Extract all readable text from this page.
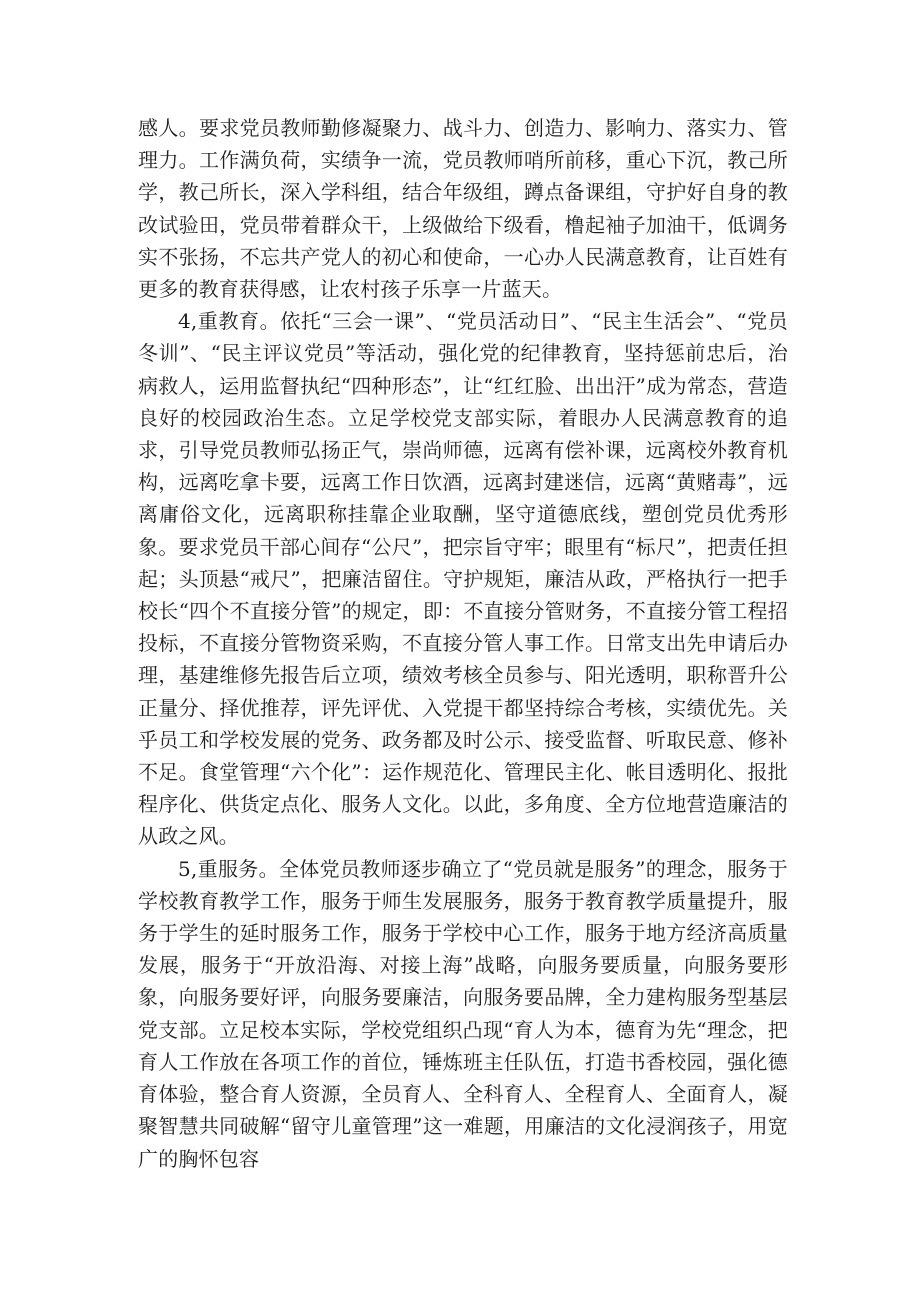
感人。要求党员教师勤修凝聚力、战斗力、创造力、影响力、落实力、管理力。工作满负荷，实绩争一流，党员教师哨所前移，重心下沉，教己所学，教己所长，深入学科组，结合年级组，蹲点备课组，守护好自身的教改试验田，党员带着群众干，上级做给下级看，橹起袖子加油干，低调务实不张扬，不忘共产党人的初心和使命，一心办人民满意教育，让百姓有更多的教育获得感，让农村孩子乐享一片蓝天。

4,重教育。依托“三会一课”、“党员活动日”、“民主生活会”、“党员冬训”、“民主评议党员”等活动，强化党的纪律教育，坚持惩前忠后，治病救人，运用监督执纪“四种形态”，让“红红脸、出出汗”成为常态，营造良好的校园政治生态。立足学校党支部实际，着眼办人民满意教育的追求，引导党员教师弘扬正气，崇尚师德，远离有偿补课，远离校外教育机构，远离吃拿卡要，远离工作日饮酒，远离封建迷信，远离“黄赌毒”，远离庸俗文化，远离职称挂靠企业取酬，坚守道德底线，塑创党员优秀形象。要求党员干部心间存“公尺”，把宗旨守牢；眼里有“标尺”，把责任担起；头顶悬“戒尺”，把廉洁留住。守护规矩，廉洁从政，严格执行一把手校长“四个不直接分管”的规定，即：不直接分管财务，不直接分管工程招投标，不直接分管物资采购，不直接分管人事工作。日常支出先申请后办理，基建维修先报告后立项，绩效考核全员参与、阳光透明，职称晋升公正量分、择优推荐，评先评优、入党提干都坚持综合考核，实绩优先。关乎员工和学校发展的党务、政务都及时公示、接受监督、听取民意、修补不足。食堂管理“六个化”：运作规范化、管理民主化、帐目透明化、报批程序化、供货定点化、服务人文化。以此，多角度、全方位地营造廉洁的从政之风。

5,重服务。全体党员教师逐步确立了“党员就是服务”的理念，服务于学校教育教学工作，服务于师生发展服务，服务于教育教学质量提升，服务于学生的延时服务工作，服务于学校中心工作，服务于地方经济高质量发展，服务于“开放沿海、对接上海”战略，向服务要质量，向服务要形象，向服务要好评，向服务要廉洁，向服务要品牌，全力建构服务型基层党支部。立足校本实际，学校党组织凸现“育人为本，德育为先“理念，把育人工作放在各项工作的首位，锤炼班主任队伍，打造书香校园，强化德育体验，整合育人资源，全员育人、全科育人、全程育人、全面育人，凝聚智慧共同破解“留守儿童管理”这一难题，用廉洁的文化浸润孩子，用宽广的胸怀包容
